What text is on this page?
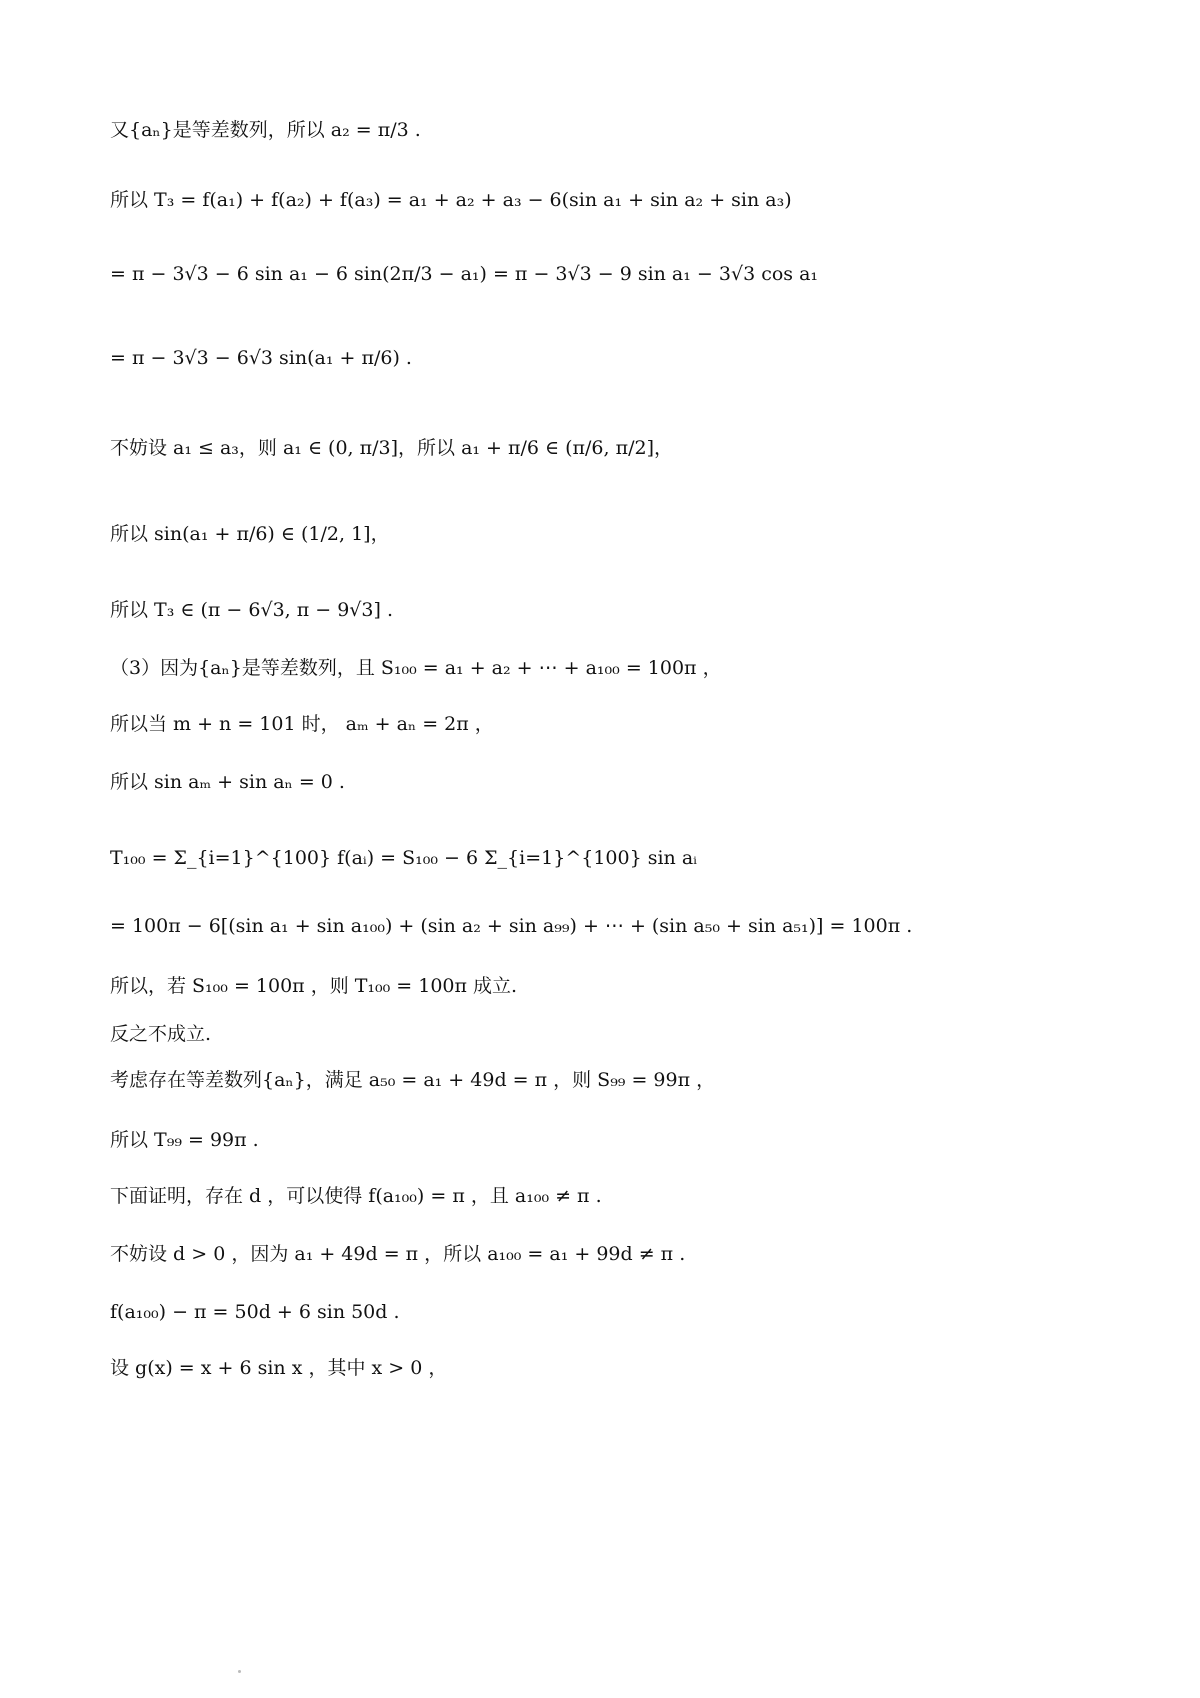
又{aₙ}是等差数列，所以 a₂ = π/3 .
所以 T₃ = f(a₁) + f(a₂) + f(a₃) = a₁ + a₂ + a₃ − 6(sin a₁ + sin a₂ + sin a₃)
= π − 3√3 − 6 sin a₁ − 6 sin(2π/3 − a₁) = π − 3√3 − 9 sin a₁ − 3√3 cos a₁
= π − 3√3 − 6√3 sin(a₁ + π/6) .
不妨设 a₁ ≤ a₃，则 a₁ ∈ (0, π/3]，所以 a₁ + π/6 ∈ (π/6, π/2]，
所以 sin(a₁ + π/6) ∈ (1/2, 1]，
所以 T₃ ∈ (π − 6√3, π − 9√3] .
（3）因为{aₙ}是等差数列，且 S₁₀₀ = a₁ + a₂ + ⋯ + a₁₀₀ = 100π ，
所以当 m + n = 101 时， aₘ + aₙ = 2π ，
所以 sin aₘ + sin aₙ = 0 .
T₁₀₀ = Σ_{i=1}^{100} f(aᵢ) = S₁₀₀ − 6 Σ_{i=1}^{100} sin aᵢ
= 100π − 6[(sin a₁ + sin a₁₀₀) + (sin a₂ + sin a₉₉) + ⋯ + (sin a₅₀ + sin a₅₁)] = 100π .
所以，若 S₁₀₀ = 100π ，则 T₁₀₀ = 100π 成立.
反之不成立.
考虑存在等差数列{aₙ}，满足 a₅₀ = a₁ + 49d = π ，则 S₉₉ = 99π ，
所以 T₉₉ = 99π .
下面证明，存在 d ，可以使得 f(a₁₀₀) = π ，且 a₁₀₀ ≠ π .
不妨设 d > 0 ，因为 a₁ + 49d = π ，所以 a₁₀₀ = a₁ + 99d ≠ π .
f(a₁₀₀) − π = 50d + 6 sin 50d .
设 g(x) = x + 6 sin x ，其中 x > 0 ，
